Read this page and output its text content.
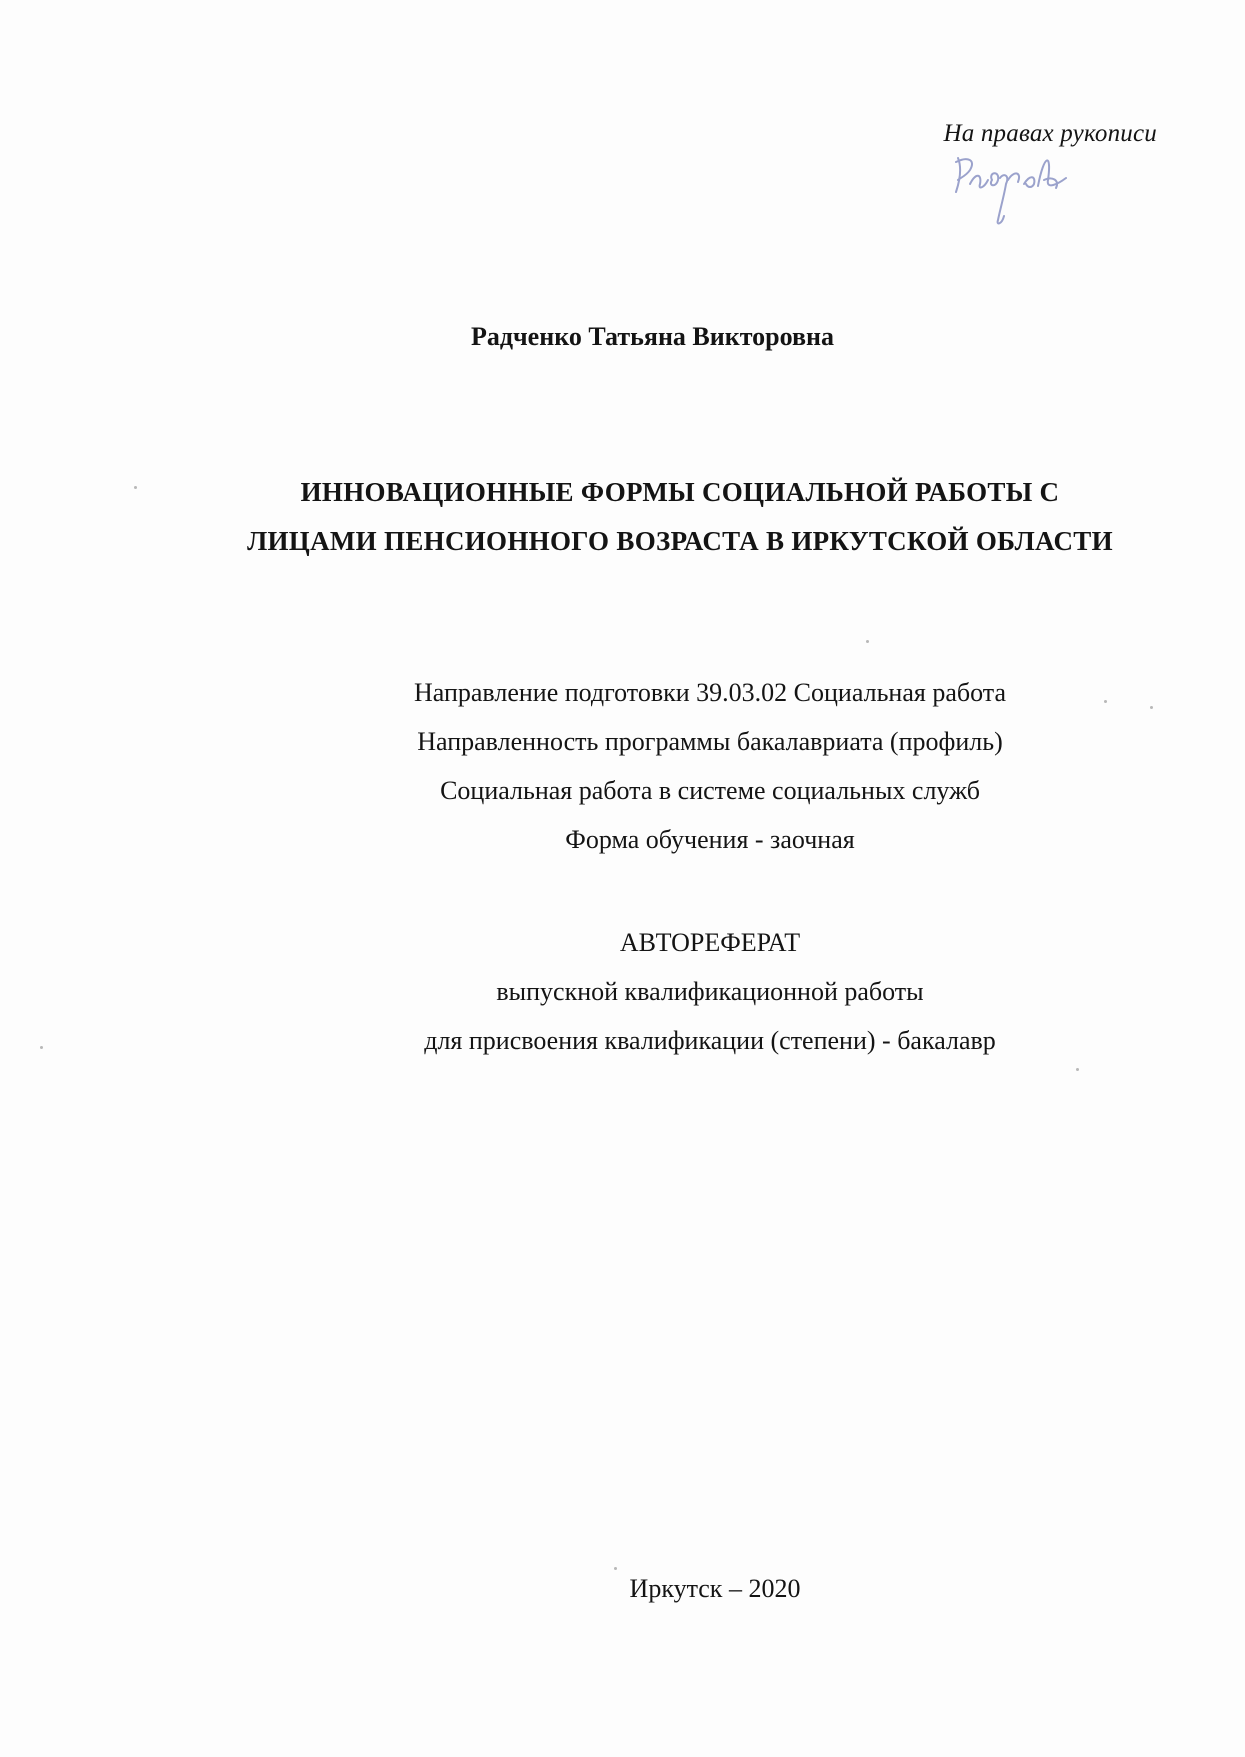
На правах рукописи
Радченко Татьяна Викторовна
ИННОВАЦИОННЫЕ ФОРМЫ СОЦИАЛЬНОЙ РАБОТЫ С
ЛИЦАМИ ПЕНСИОННОГО ВОЗРАСТА В ИРКУТСКОЙ ОБЛАСТИ
Направление подготовки 39.03.02 Социальная работа
Направленность программы бакалавриата (профиль)
Социальная работа в системе социальных служб
Форма обучения - заочная
АВТОРЕФЕРАТ
выпускной квалификационной работы
для присвоения квалификации (степени) - бакалавр
Иркутск – 2020
